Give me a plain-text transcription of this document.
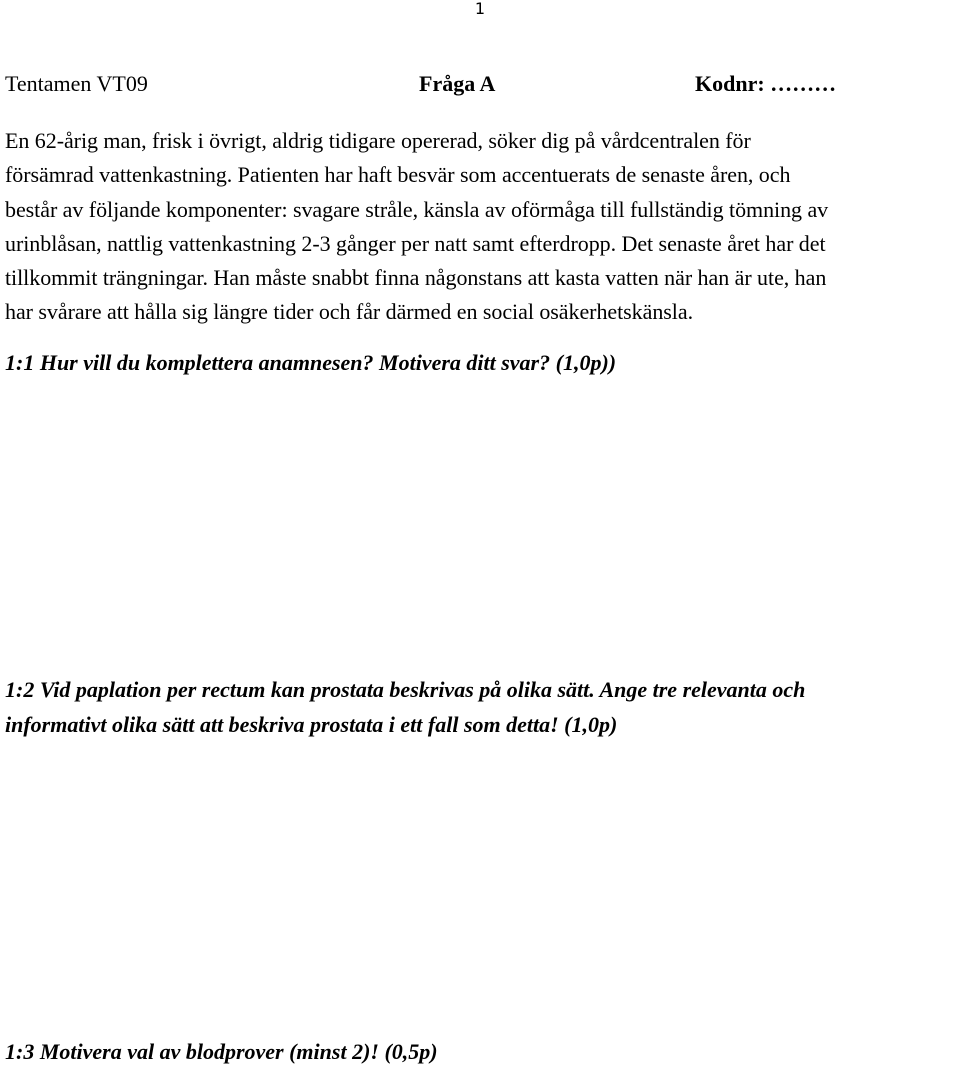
1
Tentamen VT09	Fråga A	Kodnr: ………
En 62-årig man, frisk i övrigt, aldrig tidigare opererad, söker dig på vårdcentralen för
försämrad vattenkastning. Patienten har haft besvär som accentuerats de senaste åren, och
består av följande komponenter: svagare stråle, känsla av oförmåga till fullständig tömning av
urinblåsan, nattlig vattenkastning 2-3 gånger per natt samt efterdropp. Det senaste året har det
tillkommit trängningar. Han måste snabbt finna någonstans att kasta vatten när han är ute, han
har svårare att hålla sig längre tider och får därmed en social osäkerhetskänsla.
1:1 Hur vill du komplettera anamnesen? Motivera ditt svar? (1,0p))
1:2 Vid paplation per rectum kan prostata beskrivas på olika sätt. Ange tre relevanta och
informativt olika sätt att beskriva prostata i ett fall som detta! (1,0p)
1:3 Motivera val av blodprover (minst 2)! (0,5p)
